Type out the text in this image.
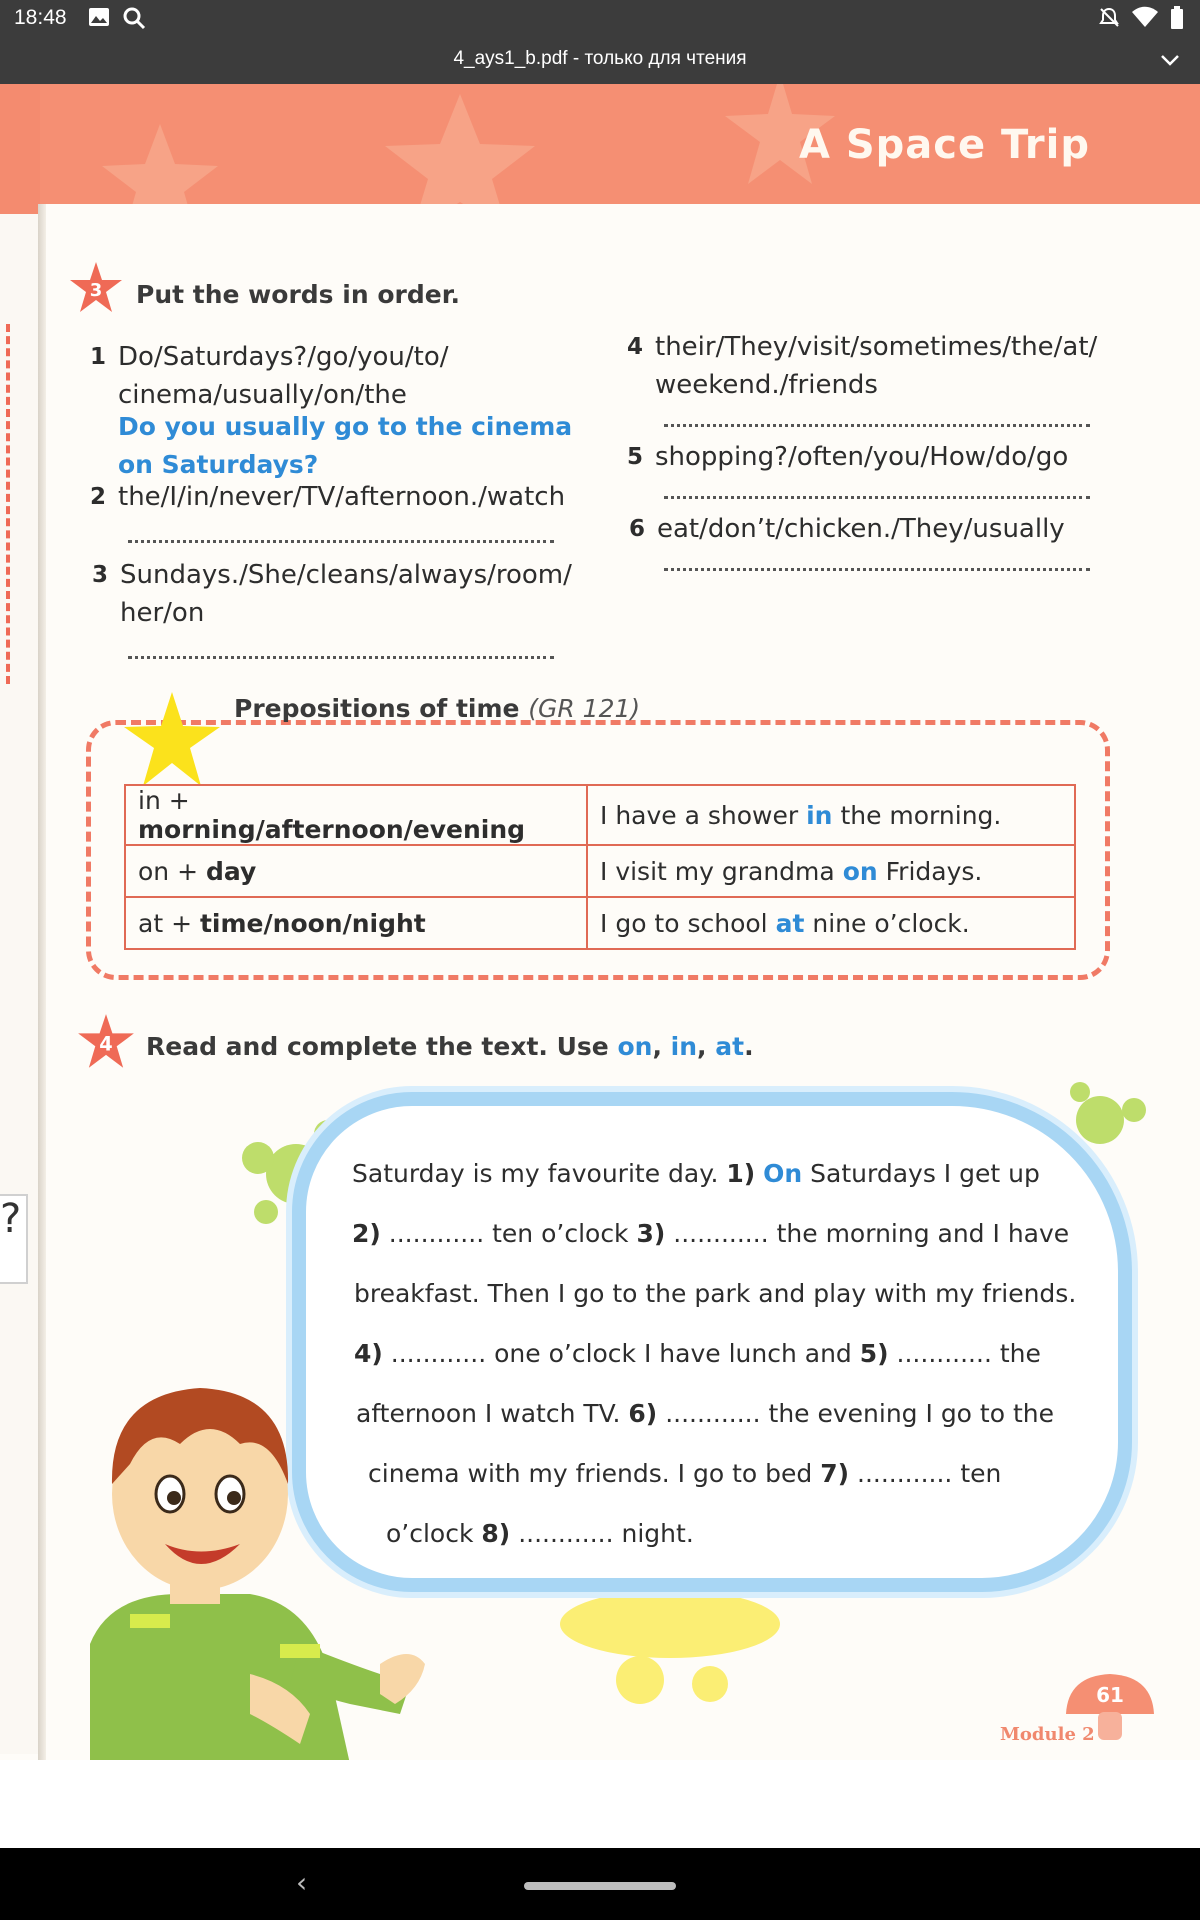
18:48
4_ays1_b.pdf - только для чтения
A Space Trip
?
3 Put the words in order.
1 Do/Saturdays?/go/you/to/
cinema/usually/on/the
Do you usually go to the cinema
on Saturdays?
2 the/I/in/never/TV/afternoon./watch
3 Sundays./She/cleans/always/room/
her/on
4 their/They/visit/sometimes/the/at/
weekend./friends
5 shopping?/often/you/How/do/go
6 eat/don’t/chicken./They/usually
Prepositions of time (GR 121)
in + morning/afternoon/evening	I have a shower in the morning.
on + day	I visit my grandma on Fridays.
at + time/noon/night	I go to school at nine o’clock.
4 Read and complete the text. Use on, in, at.
Saturday is my favourite day. 1) On Saturdays I get up
2) ............ ten o’clock 3) ............ the morning and I have
breakfast. Then I go to the park and play with my friends.
4) ............ one o’clock I have lunch and 5) ............ the
afternoon I watch TV. 6) ............ the evening I go to the
cinema with my friends. I go to bed 7) ............ ten
o’clock 8) ............ night.
61
Module 2
‹
